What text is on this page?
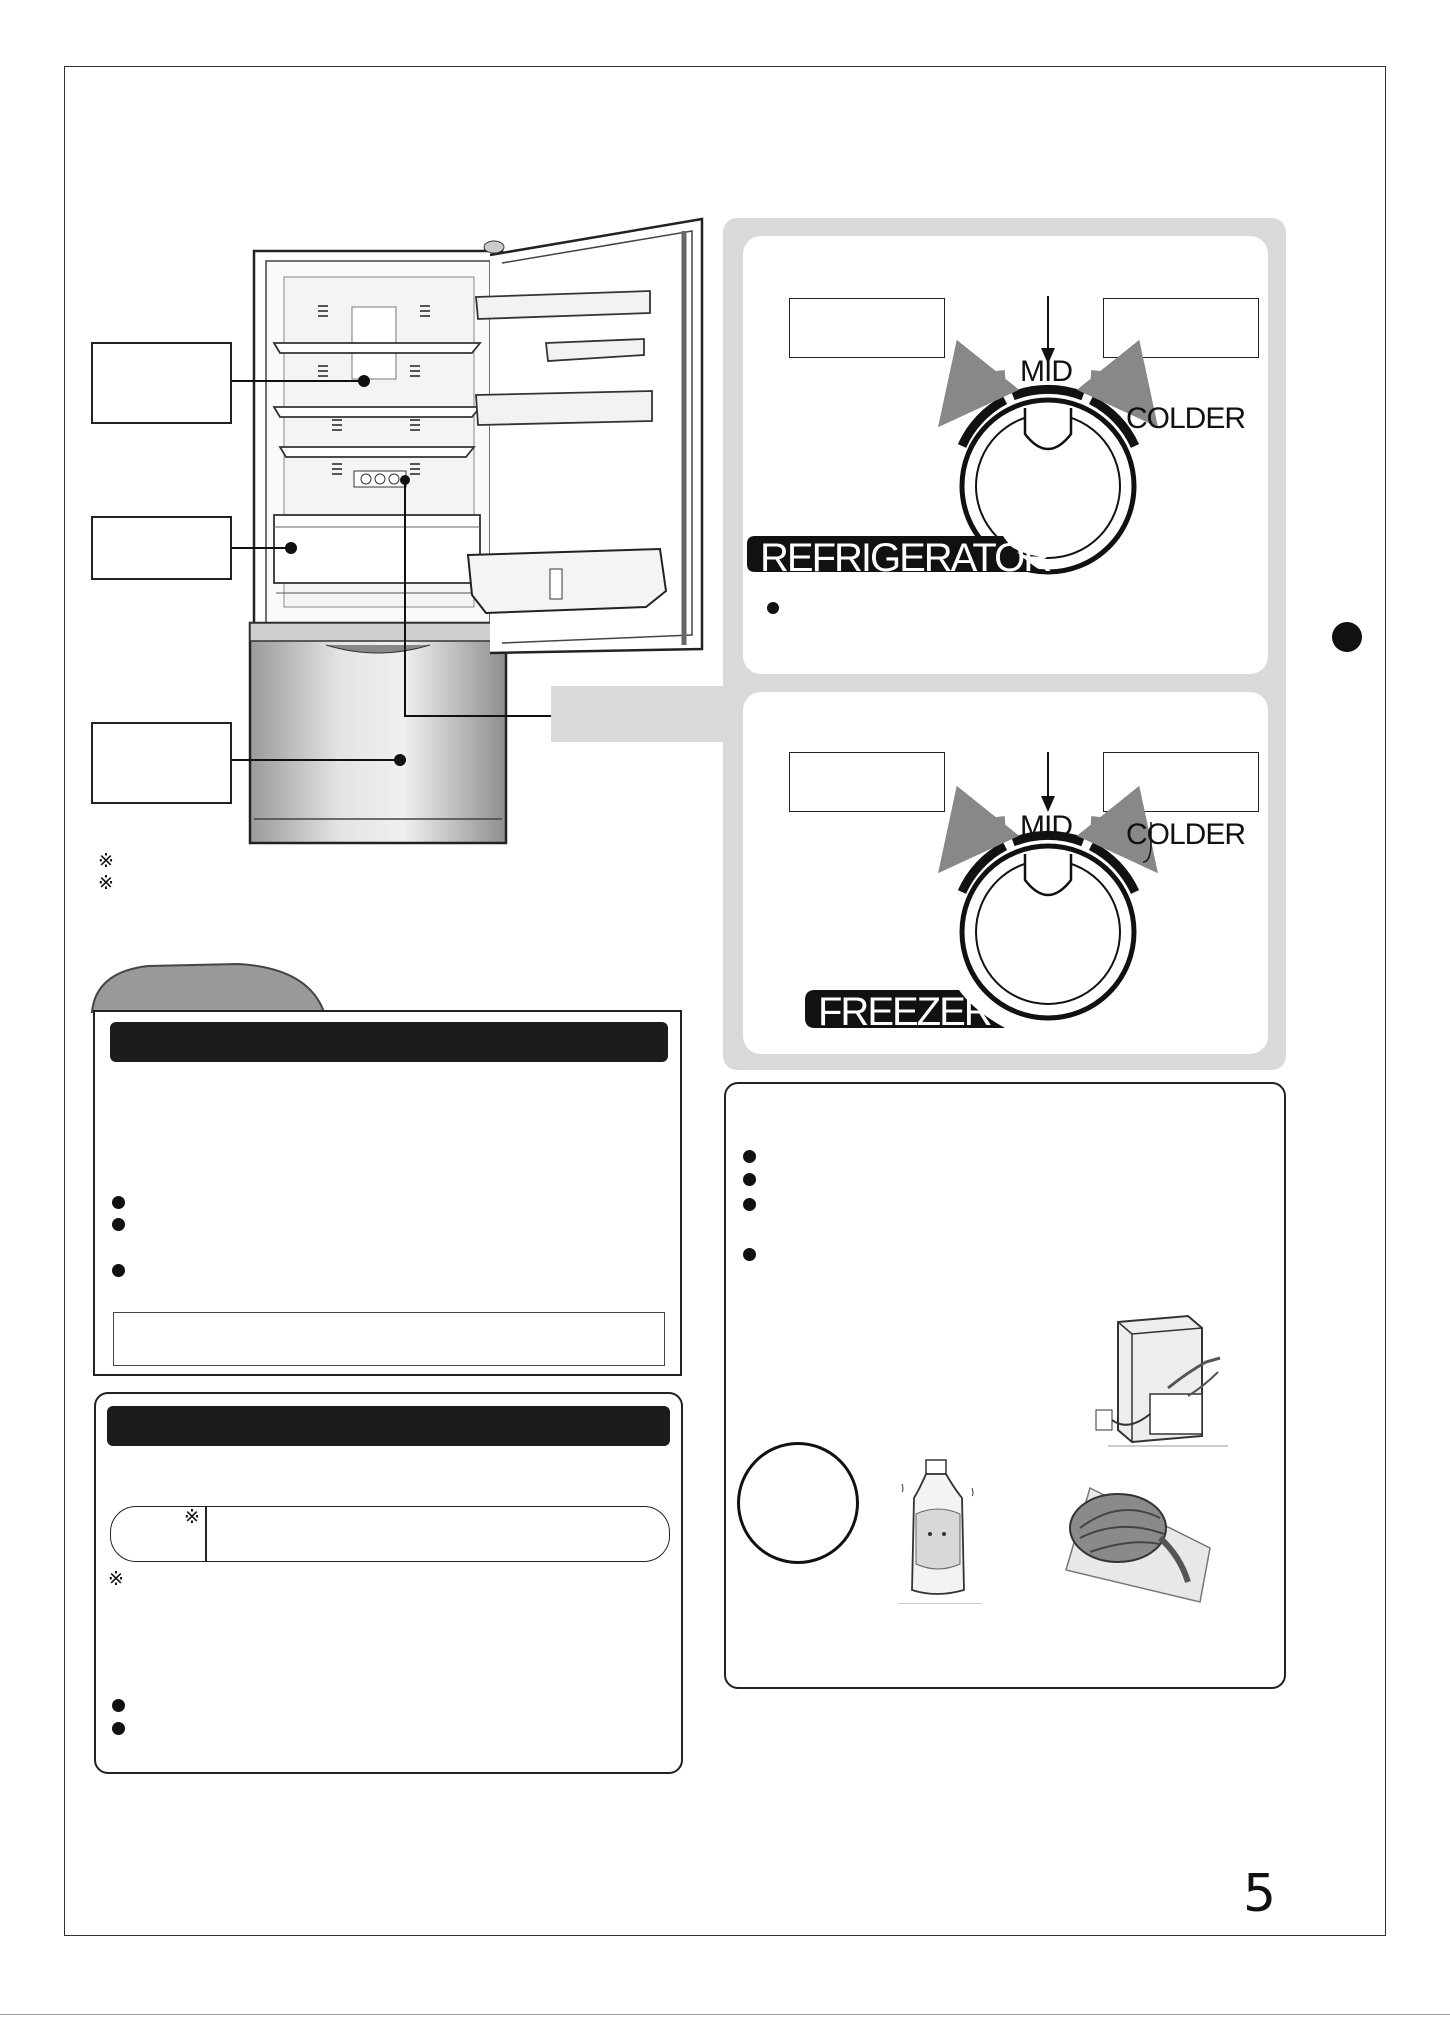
※
※
MID
COLDER
REFRIGERATOR
MID COLDER
FREEZER
※
※
5
